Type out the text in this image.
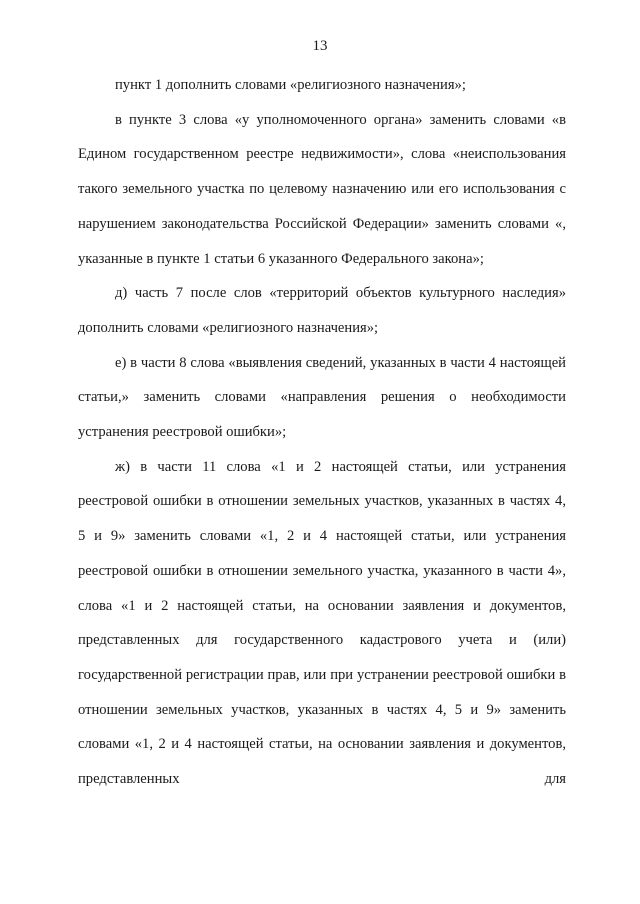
13

пункт 1 дополнить словами «религиозного назначения»;

в пункте 3 слова «у уполномоченного органа» заменить словами «в Едином государственном реестре недвижимости», слова «неиспользования такого земельного участка по целевому назначению или его использования с нарушением законодательства Российской Федерации» заменить словами «, указанные в пункте 1 статьи 6 указанного Федерального закона»;

д) часть 7 после слов «территорий объектов культурного наследия» дополнить словами «религиозного назначения»;

е) в части 8 слова «выявления сведений, указанных в части 4 настоящей статьи,» заменить словами «направления решения о необходимости устранения реестровой ошибки»;

ж) в части 11 слова «1 и 2 настоящей статьи, или устранения реестровой ошибки в отношении земельных участков, указанных в частях 4, 5 и 9» заменить словами «1, 2 и 4 настоящей статьи, или устранения реестровой ошибки в отношении земельного участка, указанного в части 4», слова «1 и 2 настоящей статьи, на основании заявления и документов, представленных для государственного кадастрового учета и (или) государственной регистрации прав, или при устранении реестровой ошибки в отношении земельных участков, указанных в частях 4, 5 и 9» заменить словами «1, 2 и 4 настоящей статьи, на основании заявления и документов, представленных для
